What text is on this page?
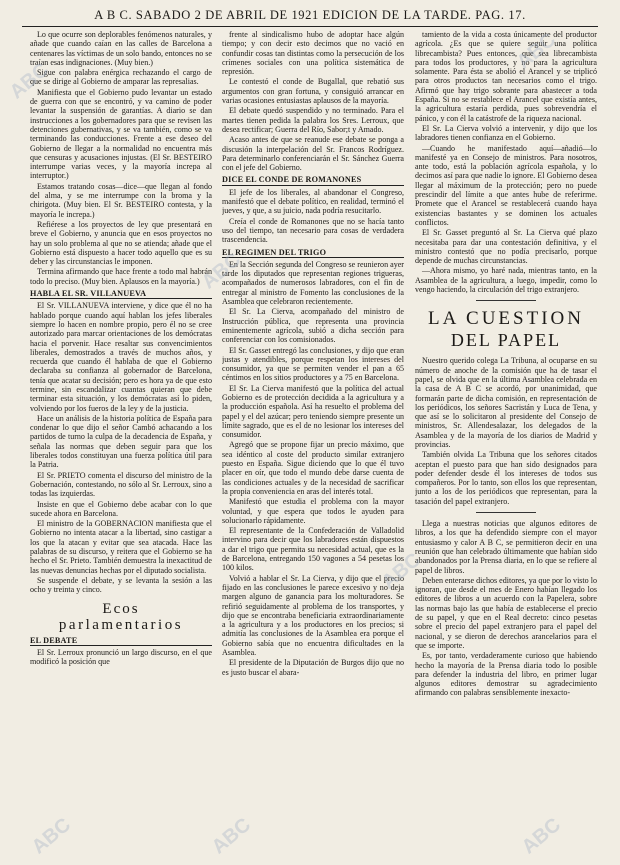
A B C. SABADO 2 DE ABRIL DE 1921 EDICION DE LA TARDE. PAG. 17.

Lo que ocurre son deplorables fenómenos naturales, y añade que cuando caían en las calles de Barcelona a centenares las víctimas de un solo bando, entonces no se traían esas indignaciones. (Muy bien.)

Sigue con palabra enérgica rechazando el cargo de que se dirige al Gobierno de amparar las represalias.

Manifiesta que el Gobierno pudo levantar un estado de guerra con que se encontró, y va camino de poder levantar la suspensión de garantías. A diario se dan instrucciones a los gobernadores para que se revisen las detenciones gubernativas, y se va también, como se va terminando las conducciones. Frente a ese deseo del Gobierno de llegar a la normalidad no encuentra más que censuras y acusaciones injustas. (El Sr. BESTEIRO interrumpe varias veces, y la mayoría increpa al interruptor.)

Estamos tratando cosas—dice—que llegan al fondo del alma, y se me interrumpe con la broma y la chirigota. (Muy bien. El Sr. BESTEIRO contesta, y la mayoría le increpa.)

Refiérese a los proyectos de ley que presentará en breve el Gobierno, y anuncia que en esos proyectos no hay un solo problema al que no se atienda; añade que el Gobierno está dispuesto a hacer todo aquello que es su deber y las circunstancias le imponen.

Termina afirmando que hace frente a todo mal habrán todo lo preciso. (Muy bien. Aplausos en la mayoría.)

HABLA EL SR. VILLANUEVA

El Sr. VILLANUEVA interviene, y dice que él no ha hablado porque cuando aquí hablan los jefes liberales siempre lo hacen en nombre propio, pero él no se cree autorizado para marcar orientaciones de los demócratas hacia el porvenir. Hace resaltar sus convencimientos liberales, demostrados a través de muchos años, y recuerda que cuando él hablaba de que el Gobierno declaraba su confianza al gobernador de Barcelona, tenía que acatar su decisión; pero es hora ya de que esto termine, sin escandalizar cuantas quieran que debe terminar esta situación, y los demócratas así lo piden, volviendo por los fueros de la ley y de la justicia.

Hace un análisis de la historia política de España para condenar lo que dijo el señor Cambó achacando a los partidos de turno la culpa de la decadencia de España, y señala las normas que deben seguir para que los liberales todos constituyan una fuerza política útil para la Patria.

El Sr. PRIETO comenta el discurso del ministro de la Gobernación, contestando, no sólo al Sr. Lerroux, sino a todas las izquierdas.

Insiste en que el Gobierno debe acabar con lo que sucede ahora en Barcelona.

El ministro de la GOBERNACION manifiesta que el Gobierno no intenta atacar a la libertad, sino castigar a los que la atacan y evitar que sea atacada. Hace las palabras de su discurso, y reitera que el Gobierno se ha hecho el Sr. Prieto. También demuestra la inexactitud de las nuevas denuncias hechas por el diputado socialista.

Se suspende el debate, y se levanta la sesión a las ocho y treinta y cinco.

Ecos
parlamentarios
EL DEBATE

El Sr. Lerroux pronunció un largo discurso, en el que modificó la posición que

frente al sindicalismo hubo de adoptar hace algún tiempo; y con decir esto decimos que no vació en confundir cosas tan distintas como la persecución de los crímenes sociales con una política sistemática de represión.

Le contestó el conde de Bugallal, que rebatió sus argumentos con gran fortuna, y consiguió arrancar en varias ocasiones entusiastas aplausos de la mayoría.

El debate quedó suspendido y no terminado. Para el martes tienen pedida la palabra los Sres. Lerroux, que desea rectificar; Guerra del Río, Sabor;t y Amado.

Acaso antes de que se reanude ese debate se ponga a discusión la interpelación del Sr. Francos Rodríguez. Para determinarlo conferenciarán el Sr. Sánchez Guerra con el jefe del Gobierno.

DICE EL CONDE DE ROMANONES

El jefe de los liberales, al abandonar el Congreso, manifestó que el debate político, en realidad, terminó el jueves, y que, a su juicio, nada podría resucitarlo.

Creía el conde de Romanones que no se hacía tanto uso del tiempo, tan necesario para cosas de verdadera trascendencia.

EL REGIMEN DEL TRIGO

En la Sección segunda del Congreso se reunieron ayer tarde los diputados que representan regiones trigueras, acompañados de numerosos labradores, con el fin de entregar al ministro de Fomento las conclusiones de la Asamblea que celebraron recientemente.

El Sr. La Cierva, acompañado del ministro de Instrucción pública, que representa una provincia eminentemente agrícola, subió a dicha sección para conferenciar con los comisionados.

El Sr. Gasset entregó las conclusiones, y dijo que eran justas y atendibles, porque respetan los intereses del consumidor, ya que se permiten vender el pan a 65 céntimos en los sitios productores y a 75 en Barcelona.

El Sr. La Cierva manifestó que la política del actual Gobierno es de protección decidida a la agricultura y a la producción española. Así ha resuelto el problema del papel y el del azúcar; pero teniendo siempre presente un límite sagrado, que es el de no lesionar los intereses del consumidor.

Agregó que se propone fijar un precio máximo, que sea idéntico al coste del producto similar extranjero puesto en España. Sigue diciendo que lo que él tuvo placer en oír, que todo el mundo debe darse cuenta de las condiciones actuales y de la necesidad de sacrificar la propia conveniencia en aras del interés total.

Manifestó que estudia el problema con la mayor voluntad, y que espera que todos le ayuden para solucionarlo rápidamente.

El representante de la Confederación de Valladolid intervino para decir que los labradores están dispuestos a dar el trigo que permita su necesidad actual, que es la de Barcelona, entregando 150 vagones a 54 pesetas los 100 kilos.

Volvió a hablar el Sr. La Cierva, y dijo que el precio fijado en las conclusiones le parece excesivo y no deja margen alguno de ganancia para los molturadores. Se refirió seguidamente al problema de los transportes, y dijo que se encontraba beneficiaria extraordinariamente a la agricultura y a los productores en los precios; si admitía las conclusiones de la Asamblea era porque el Gobierno sabía que no encuentra dificultades en la Asamblea.

El presidente de la Diputación de Burgos dijo que no es justo buscar el abara-

tamiento de la vida a costa únicamente del productor agrícola. ¿Es que se quiere seguir una política librecambista? Pues entonces, que sea librecambista para todos los productores, y no para la agricultura solamente. Para ésta se abolió el Arancel y se triplicó para otros productos tan necesarios como el trigo. Afirmó que hay trigo sobrante para abastecer a toda España. Si no se restablece el Arancel que existía antes, la agricultura estaría perdida, pues sobrevendría el pánico, y con él la catástrofe de la riqueza nacional.

El Sr. La Cierva volvió a intervenir, y dijo que los labradores tienen confianza en el Gobierno.

—Cuando he manifestado aquí—añadió—lo manifesté ya en Consejo de ministros. Para nosotros, ante todo, está la población agrícola española, y lo decimos así para que nadie lo ignore. El Gobierno desea llegar al máximum de la protección; pero no puede prescindir del límite a que antes hube de referirme. Promete que el Arancel se restablecerá cuando haya existencias bastantes y se dominen los actuales conflictos.

El Sr. Gasset preguntó al Sr. La Cierva qué plazo necesitaba para dar una contestación definitiva, y el ministro contestó que no podía precisarlo, porque depende de muchas circunstancias.

—Ahora mismo, yo haré nada, mientras tanto, en la Asamblea de la agricultura, a luego, impedir, como lo vengo haciendo, la circulación del trigo extranjero.

LA CUESTION
DEL PAPEL

Nuestro querido colega La Tribuna, al ocuparse en su número de anoche de la comisión que ha de tasar el papel, se olvida que en la última Asamblea celebrada en la casa de A B C se acordó, por unanimidad, que formarán parte de dicha comisión, en representación de los periódicos, los señores Sacristán y Luca de Tena, y que así se lo solicitaron al presidente del Consejo de ministros, Sr. Allendesalazar, los delegados de la Asamblea y de la mayoría de los diarios de Madrid y provincias.

También olvida La Tribuna que los señores citados aceptan el puesto para que han sido designados para poder defender desde él los intereses de todos sus compañeros. Por lo tanto, son ellos los que representan, junto a los de los periódicos que representan, para la tasación del papel extranjero.

Llega a nuestras noticias que algunos editores de libros, a los que ha defendido siempre con el mayor entusiasmo y calor A B C, se permitieron decir en una reunión que han celebrado últimamente que habían sido abandonados por la Prensa diaria, en lo que se refiere al papel de libros.

Deben enterarse dichos editores, ya que por lo visto lo ignoran, que desde el mes de Enero habían llegado los editores de libros a un acuerdo con la Papelera, sobre las normas bajo las que había de establecerse el precio de su papel, y que en el Real decreto: cinco pesetas sobre el precio del papel extranjero para el papel del nacional, y se dieron de derechos arancelarios para el que se importe.

Es, por tanto, verdaderamente curioso que habiendo hecho la mayoría de la Prensa diaria todo lo posible para defender la industria del libro, en primer lugar algunos editores demostrar su agradecimiento afirmando con palabras sensiblemente inexacto-

ABC
ABC
ABC
ABC
ABC	ABC	ABC
